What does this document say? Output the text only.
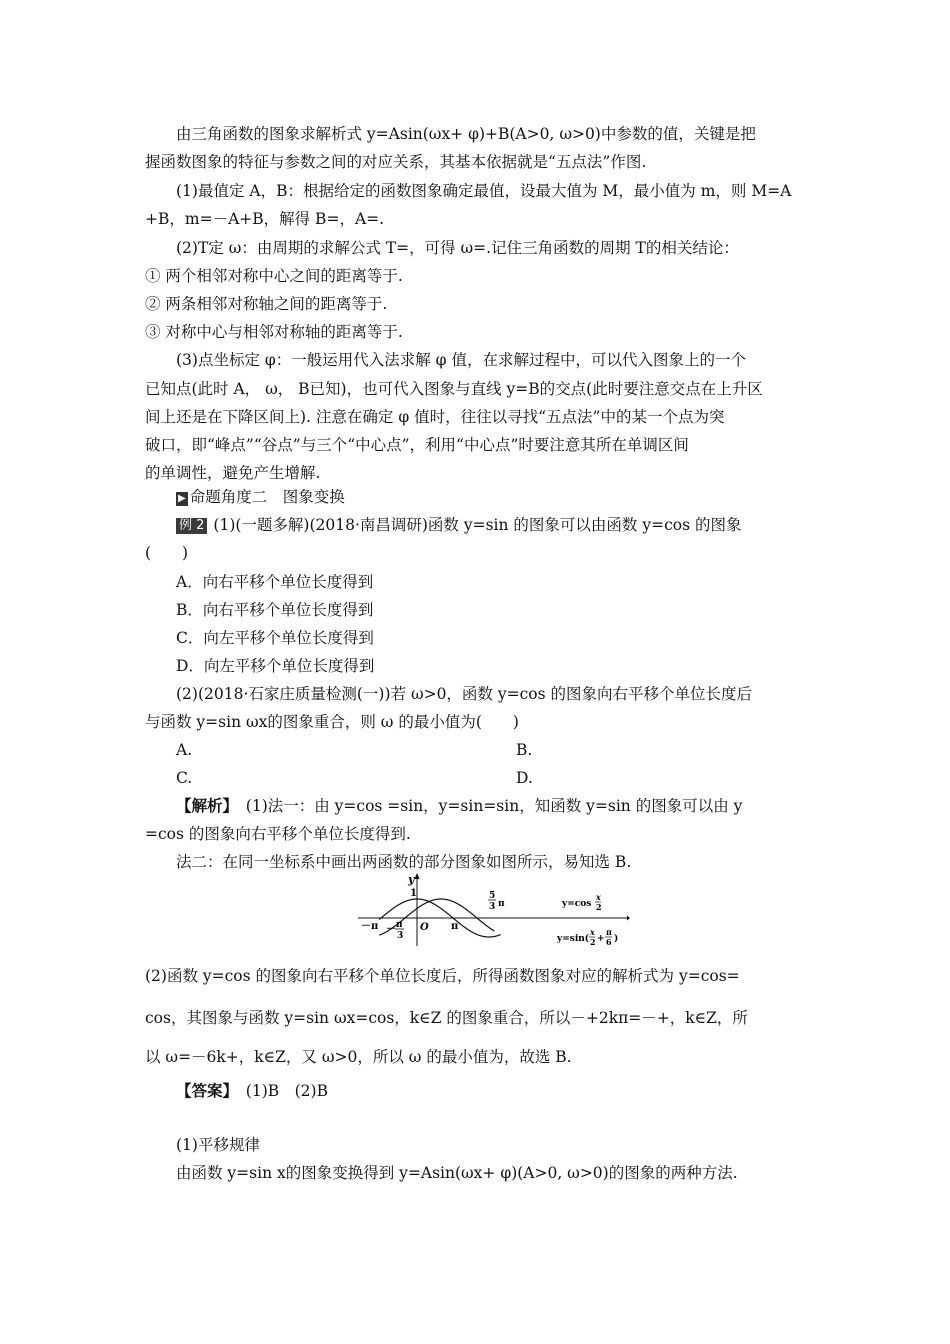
由三角函数的图象求解析式 y=Asin(ωx+ φ)+B(A>0, ω>0)中参数的值，关键是把
握函数图象的特征与参数之间的对应关系，其基本依据就是“五点法”作图.
(1)最值定 A，B：根据给定的函数图象确定最值，设最大值为 M，最小值为 m，则 M=A
+B，m=－A+B，解得 B=，A=.
(2)T定 ω：由周期的求解公式 T=，可得 ω=.记住三角函数的周期 T的相关结论：
① 两个相邻对称中心之间的距离等于.
② 两条相邻对称轴之间的距离等于.
③ 对称中心与相邻对称轴的距离等于.
(3)点坐标定 φ：一般运用代入法求解 φ 值，在求解过程中，可以代入图象上的一个
已知点(此时 A， ω， B已知)，也可代入图象与直线 y=B的交点(此时要注意交点在上升区
间上还是在下降区间上). 注意在确定 φ 值时，往往以寻找“五点法”中的某一个点为突
破口，即“峰点”“谷点”与三个“中心点”，利用“中心点”时要注意其所在单调区间
的单调性，避免产生增解.
▶ 命题角度二　图象变换
例 2 (1)(一题多解)(2018·南昌调研)函数 y=sin 的图象可以由函数 y=cos 的图象
(　　)
A．向右平移个单位长度得到
B．向右平移个单位长度得到
C．向左平移个单位长度得到
D．向左平移个单位长度得到
(2)(2018·石家庄质量检测(一))若 ω>0，函数 y=cos 的图象向右平移个单位长度后
与函数 y=sin ωx的图象重合，则 ω 的最小值为(　　)
A.	B.
C.	D.
【解析】　 (1)法一：由 y=cos =sin，y=sin=sin，知函数 y=sin 的图象可以由 y
=cos 的图象向右平移个单位长度得到.
法二：在同一坐标系中画出两函数的部分图象如图所示，易知选 B.
y
1
O
－π － π
3
π
5
3 π	y=cos
x
2
y=sin(
x
2 +
π
6 )
(2)函数 y=cos 的图象向右平移个单位长度后，所得函数图象对应的解析式为 y=cos=
cos，其图象与函数 y=sin ωx=cos，k∈Z 的图象重合，所以－+2kπ=－+，k∈Z，所
以 ω=－6k+，k∈Z，又 ω>0，所以 ω 的最小值为，故选 B.
【答案】　 (1)B　(2)B
(1)平移规律
由函数 y=sin x的图象变换得到 y=Asin(ωx+ φ)(A>0, ω>0)的图象的两种方法.
